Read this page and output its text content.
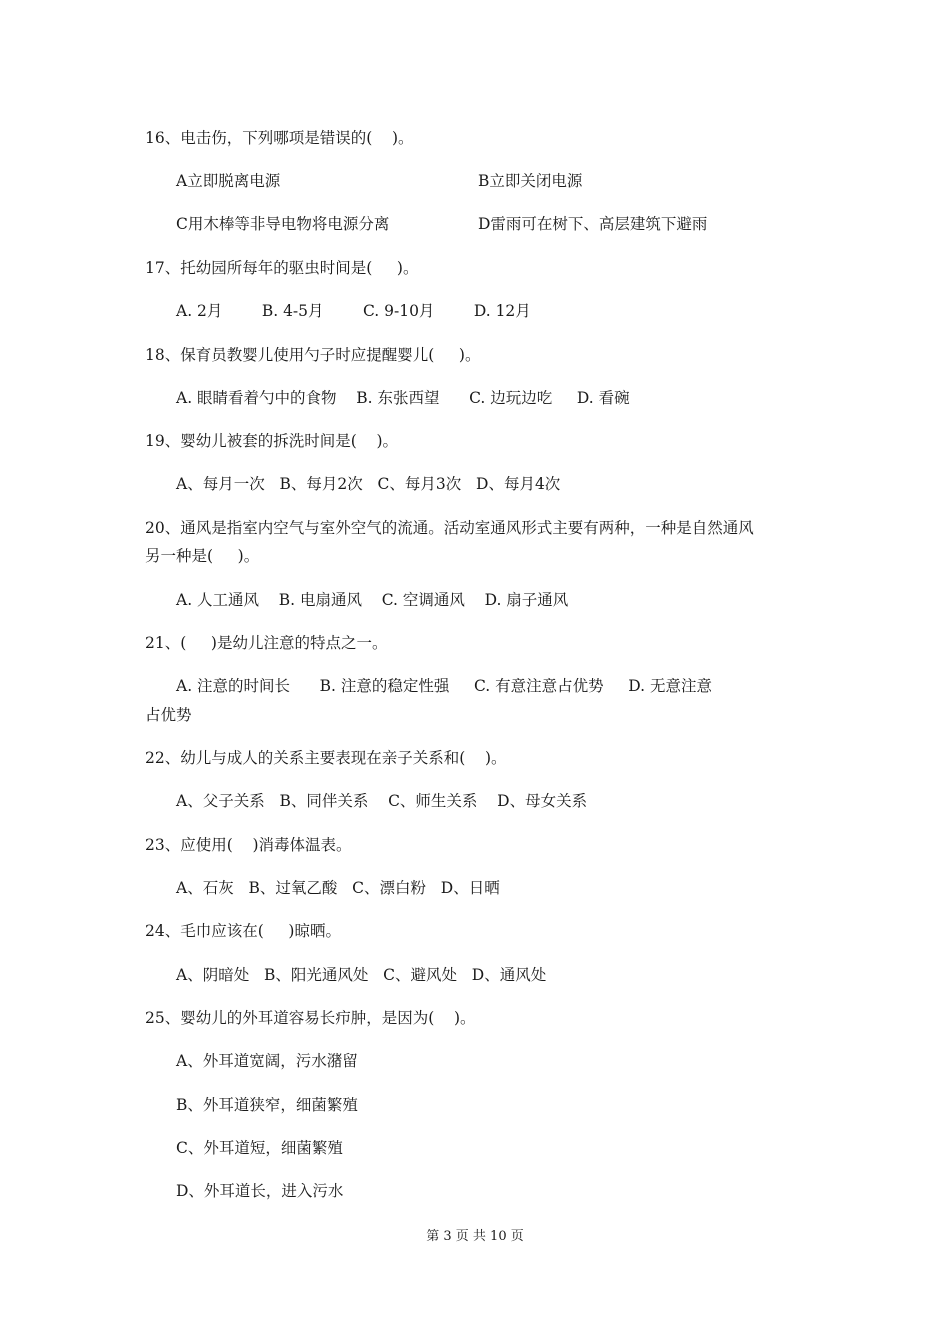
16、电击伤，下列哪项是错误的(    )。
A立即脱离电源	B立即关闭电源
C用木棒等非导电物将电源分离	D雷雨可在树下、高层建筑下避雨
17、托幼园所每年的驱虫时间是(     )。
A. 2月        B. 4-5月        C. 9-10月        D. 12月
18、保育员教婴儿使用勺子时应提醒婴儿(     )。
A. 眼睛看着勺中的食物    B. 东张西望      C. 边玩边吃     D. 看碗
19、婴幼儿被套的拆洗时间是(    )。
A、每月一次   B、每月2次   C、每月3次   D、每月4次
20、通风是指室内空气与室外空气的流通。活动室通风形式主要有两种，一种是自然通风
另一种是(     )。
A. 人工通风    B. 电扇通风    C. 空调通风    D. 扇子通风
21、(     )是幼儿注意的特点之一。
A. 注意的时间长      B. 注意的稳定性强     C. 有意注意占优势     D. 无意注意
占优势
22、幼儿与成人的关系主要表现在亲子关系和(    )。
A、父子关系   B、同伴关系    C、师生关系    D、母女关系
23、应使用(    )消毒体温表。
A、石灰   B、过氧乙酸   C、漂白粉   D、日晒
24、毛巾应该在(     )晾晒。
A、阴暗处   B、阳光通风处   C、避风处   D、通风处
25、婴幼儿的外耳道容易长疖肿，是因为(    )。
A、外耳道宽阔，污水潴留
B、外耳道狭窄，细菌繁殖
C、外耳道短，细菌繁殖
D、外耳道长，进入污水
第 3 页 共 10 页
